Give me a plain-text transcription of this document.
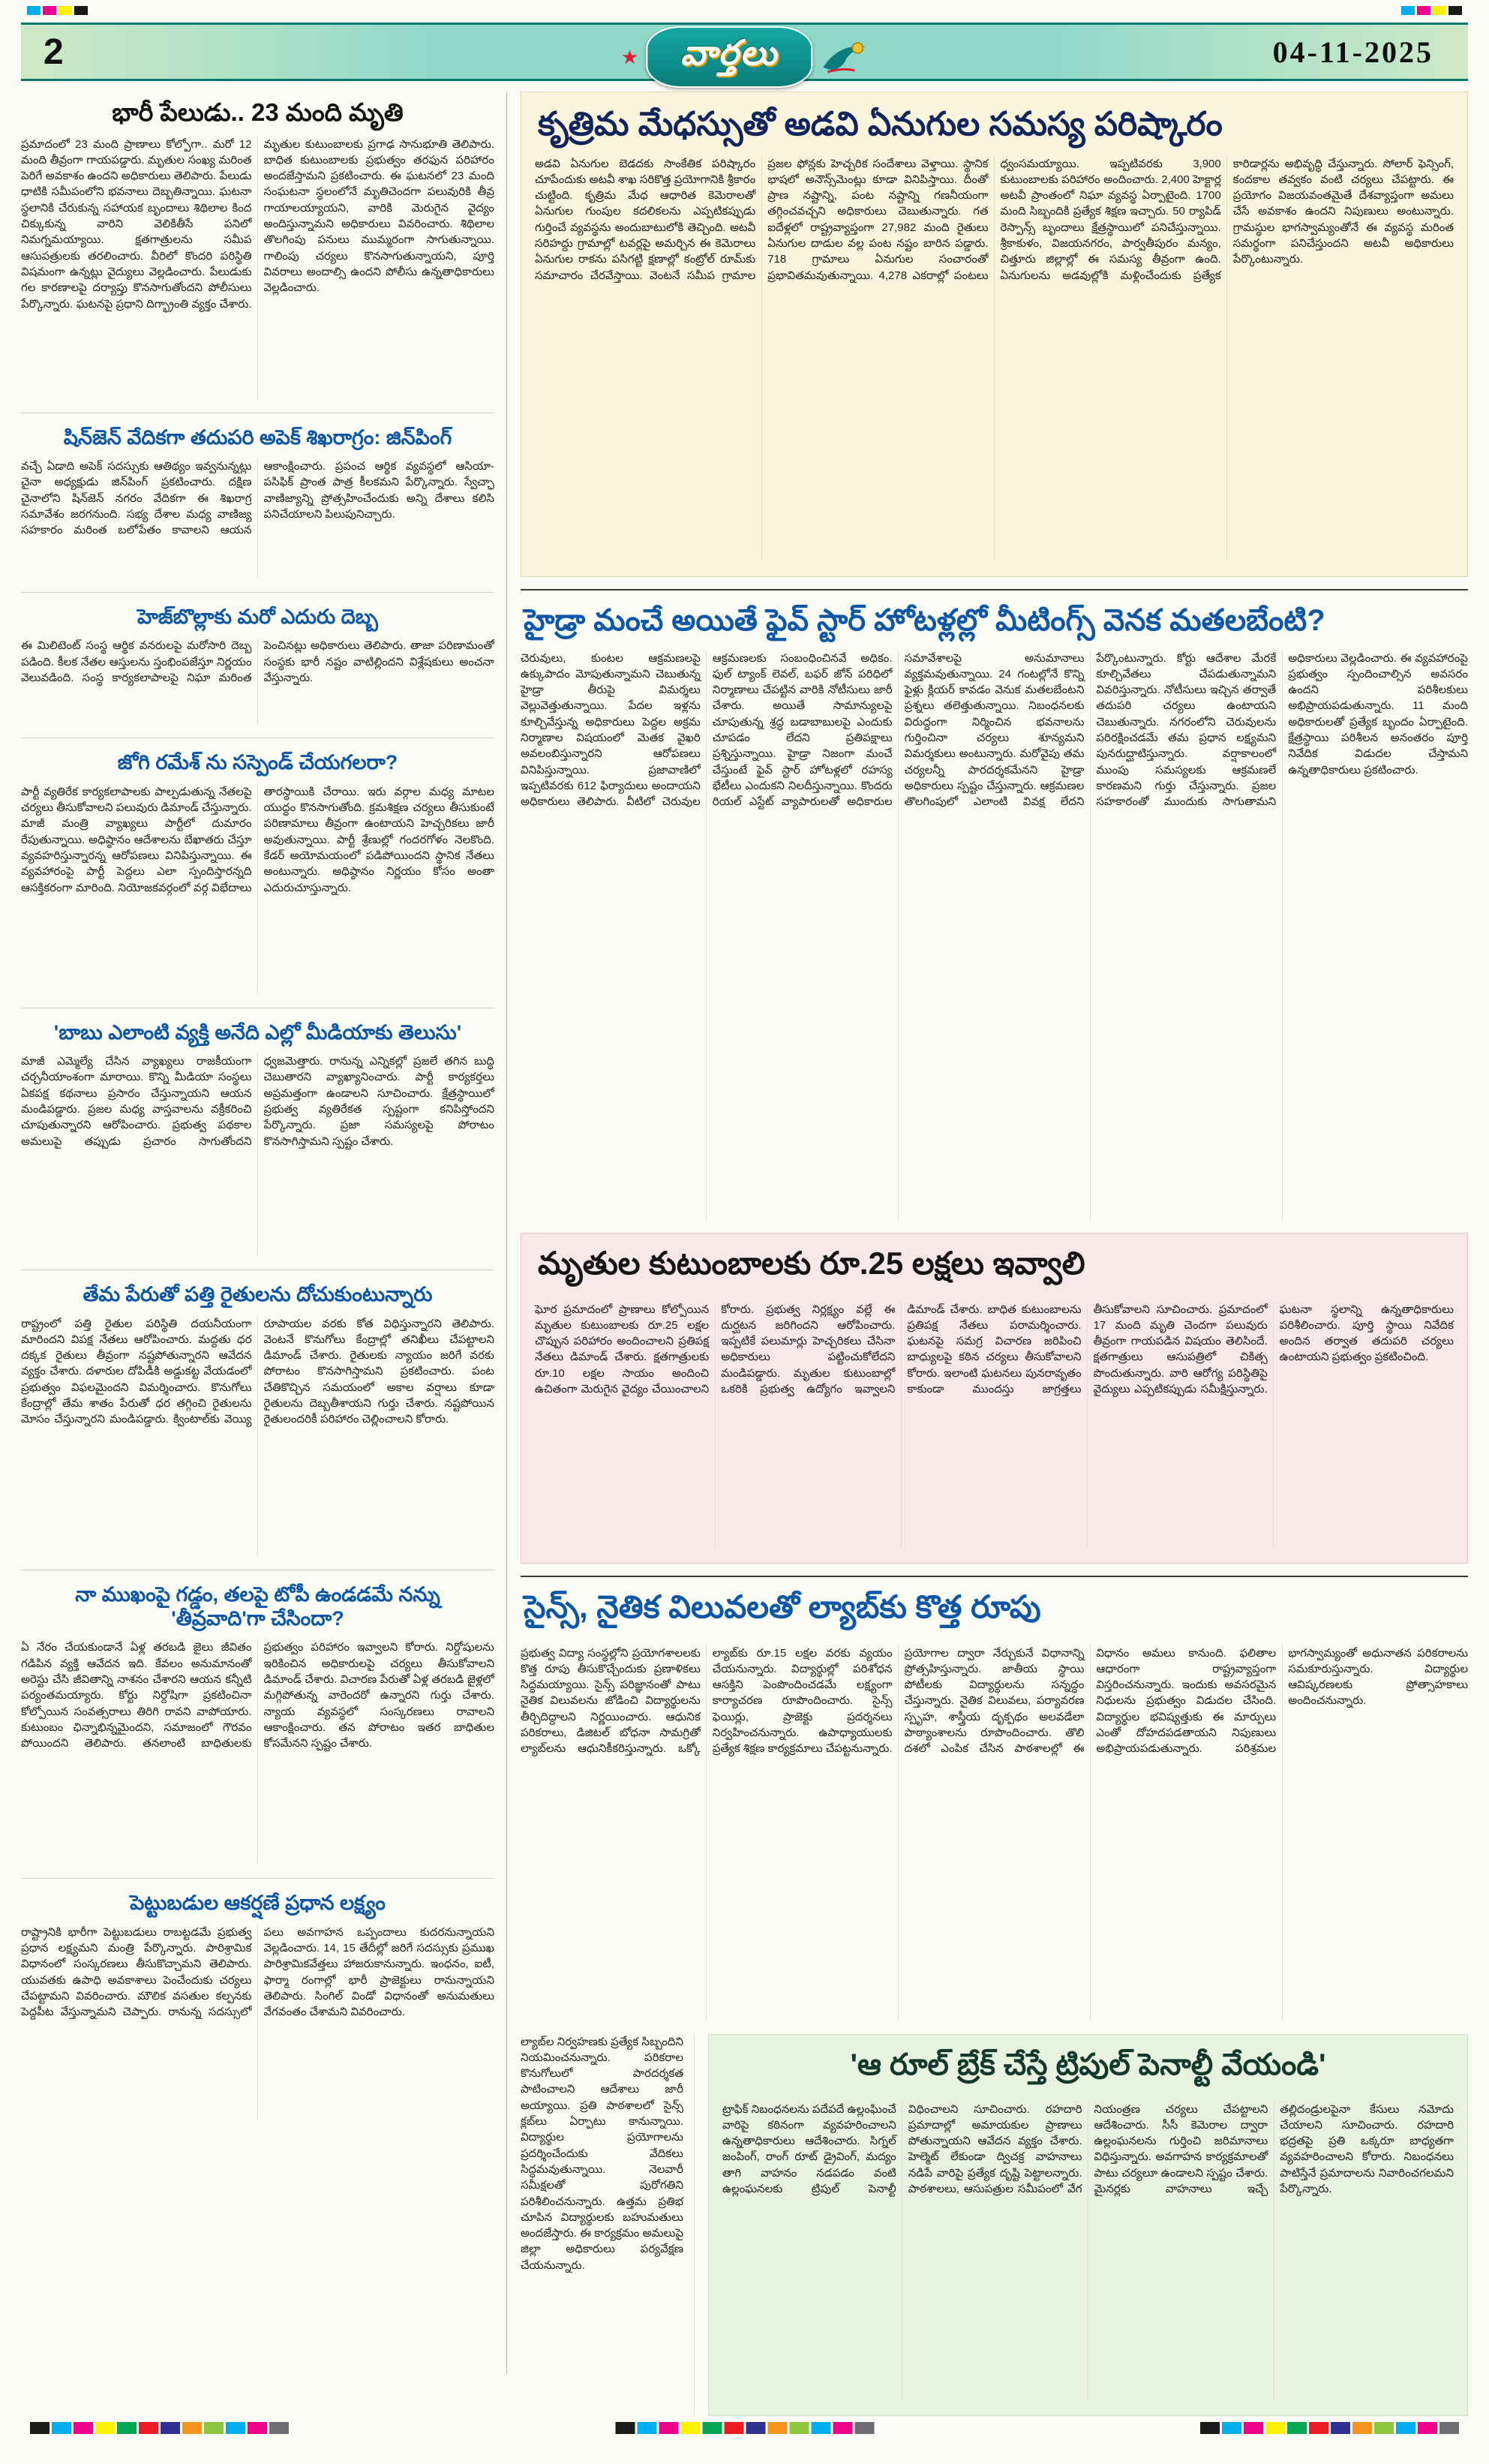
2	★	వార్తలు	04-11-2025
భారీ పేలుడు.. 23 మంది మృతి
ప్రమాదంలో 23 మంది ప్రాణాలు కోల్పోగా.. మరో 12 మంది తీవ్రంగా గాయపడ్డారు. మృతుల సంఖ్య మరింత పెరిగే అవకాశం ఉందని అధికారులు తెలిపారు. పేలుడు ధాటికి సమీపంలోని భవనాలు దెబ్బతిన్నాయి. ఘటనా స్థలానికి చేరుకున్న సహాయక బృందాలు శిథిలాల కింద చిక్కుకున్న వారిని వెలికితీసే పనిలో నిమగ్నమయ్యాయి. క్షతగాత్రులను సమీప ఆసుపత్రులకు తరలించారు. వీరిలో కొందరి పరిస్థితి విషమంగా ఉన్నట్లు వైద్యులు వెల్లడించారు. పేలుడుకు గల కారణాలపై దర్యాప్తు కొనసాగుతోందని పోలీసులు పేర్కొన్నారు. ఘటనపై ప్రధాని దిగ్భ్రాంతి వ్యక్తం చేశారు. మృతుల కుటుంబాలకు ప్రగాఢ సానుభూతి తెలిపారు. బాధిత కుటుంబాలకు ప్రభుత్వం తరఫున పరిహారం అందజేస్తామని ప్రకటించారు. ఈ ఘటనలో 23 మంది సంఘటనా స్థలంలోనే మృతిచెందగా పలువురికి తీవ్ర గాయాలయ్యాయని, వారికి మెరుగైన వైద్యం అందిస్తున్నామని అధికారులు వివరించారు. శిథిలాల తొలగింపు పనులు ముమ్మరంగా సాగుతున్నాయి. గాలింపు చర్యలు కొనసాగుతున్నాయని, పూర్తి వివరాలు అందాల్సి ఉందని పోలీసు ఉన్నతాధికారులు వెల్లడించారు.
షిన్‌జెన్ వేదికగా తదుపరి అపెక్ శిఖరాగ్రం: జిన్‌పింగ్
వచ్చే ఏడాది అపెక్ సదస్సుకు ఆతిథ్యం ఇవ్వనున్నట్లు చైనా అధ్యక్షుడు జిన్‌పింగ్ ప్రకటించారు. దక్షిణ చైనాలోని షిన్‌జెన్ నగరం వేదికగా ఈ శిఖరాగ్ర సమావేశం జరగనుంది. సభ్య దేశాల మధ్య వాణిజ్య సహకారం మరింత బలోపేతం కావాలని ఆయన ఆకాంక్షించారు. ప్రపంచ ఆర్థిక వ్యవస్థలో ఆసియా-పసిఫిక్ ప్రాంత పాత్ర కీలకమని పేర్కొన్నారు. స్వేచ్ఛా వాణిజ్యాన్ని ప్రోత్సహించేందుకు అన్ని దేశాలు కలిసి పనిచేయాలని పిలుపునిచ్చారు.
హెజ్‌బొల్లాకు మరో ఎదురు దెబ్బ
ఈ మిలిటెంట్ సంస్థ ఆర్థిక వనరులపై మరోసారి దెబ్బ పడింది. కీలక నేతల ఆస్తులను స్తంభింపజేస్తూ నిర్ణయం వెలువడింది. సంస్థ కార్యకలాపాలపై నిఘా మరింత పెంచినట్లు అధికారులు తెలిపారు. తాజా పరిణామంతో సంస్థకు భారీ నష్టం వాటిల్లిందని విశ్లేషకులు అంచనా వేస్తున్నారు.
జోగి రమేశ్ ను సస్పెండ్ చేయగలరా?
పార్టీ వ్యతిరేక కార్యకలాపాలకు పాల్పడుతున్న నేతలపై చర్యలు తీసుకోవాలని పలువురు డిమాండ్ చేస్తున్నారు. మాజీ మంత్రి వ్యాఖ్యలు పార్టీలో దుమారం రేపుతున్నాయి. అధిష్ఠానం ఆదేశాలను బేఖాతరు చేస్తూ వ్యవహరిస్తున్నారన్న ఆరోపణలు వినిపిస్తున్నాయి. ఈ వ్యవహారంపై పార్టీ పెద్దలు ఎలా స్పందిస్తారన్నది ఆసక్తికరంగా మారింది. నియోజకవర్గంలో వర్గ విభేదాలు తారస్థాయికి చేరాయి. ఇరు వర్గాల మధ్య మాటల యుద్ధం కొనసాగుతోంది. క్రమశిక్షణ చర్యలు తీసుకుంటే పరిణామాలు తీవ్రంగా ఉంటాయని హెచ్చరికలు జారీ అవుతున్నాయి. పార్టీ శ్రేణుల్లో గందరగోళం నెలకొంది. కేడర్ అయోమయంలో పడిపోయిందని స్థానిక నేతలు అంటున్నారు. అధిష్ఠానం నిర్ణయం కోసం అంతా ఎదురుచూస్తున్నారు.
'బాబు ఎలాంటి వ్యక్తి అనేది ఎల్లో మీడియాకు తెలుసు'
మాజీ ఎమ్మెల్యే చేసిన వ్యాఖ్యలు రాజకీయంగా చర్చనీయాంశంగా మారాయి. కొన్ని మీడియా సంస్థలు ఏకపక్ష కథనాలు ప్రసారం చేస్తున్నాయని ఆయన మండిపడ్డారు. ప్రజల మధ్య వాస్తవాలను వక్రీకరించి చూపుతున్నారని ఆరోపించారు. ప్రభుత్వ పథకాల అమలుపై తప్పుడు ప్రచారం సాగుతోందని ధ్వజమెత్తారు. రానున్న ఎన్నికల్లో ప్రజలే తగిన బుద్ధి చెబుతారని వ్యాఖ్యానించారు. పార్టీ కార్యకర్తలు అప్రమత్తంగా ఉండాలని సూచించారు. క్షేత్రస్థాయిలో ప్రభుత్వ వ్యతిరేకత స్పష్టంగా కనిపిస్తోందని పేర్కొన్నారు. ప్రజా సమస్యలపై పోరాటం కొనసాగిస్తామని స్పష్టం చేశారు.
తేమ పేరుతో పత్తి రైతులను దోచుకుంటున్నారు
రాష్ట్రంలో పత్తి రైతుల పరిస్థితి దయనీయంగా మారిందని విపక్ష నేతలు ఆరోపించారు. మద్దతు ధర దక్కక రైతులు తీవ్రంగా నష్టపోతున్నారని ఆవేదన వ్యక్తం చేశారు. దళారుల దోపిడీకి అడ్డుకట్ట వేయడంలో ప్రభుత్వం విఫలమైందని విమర్శించారు. కొనుగోలు కేంద్రాల్లో తేమ శాతం పేరుతో ధర తగ్గించి రైతులను మోసం చేస్తున్నారని మండిపడ్డారు. క్వింటాల్‌కు వెయ్యి రూపాయల వరకు కోత విధిస్తున్నారని తెలిపారు. వెంటనే కొనుగోలు కేంద్రాల్లో తనిఖీలు చేపట్టాలని డిమాండ్ చేశారు. రైతులకు న్యాయం జరిగే వరకు పోరాటం కొనసాగిస్తామని ప్రకటించారు. పంట చేతికొచ్చిన సమయంలో అకాల వర్షాలు కూడా రైతులను దెబ్బతీశాయని గుర్తు చేశారు. నష్టపోయిన రైతులందరికీ పరిహారం చెల్లించాలని కోరారు.
నా ముఖంపై గడ్డం, తలపై టోపీ ఉండడమే నన్ను 'తీవ్రవాది'గా చేసిందా?
ఏ నేరం చేయకుండానే ఏళ్ల తరబడి జైలు జీవితం గడిపిన వ్యక్తి ఆవేదన ఇది. కేవలం అనుమానంతో అరెస్టు చేసి జీవితాన్ని నాశనం చేశారని ఆయన కన్నీటి పర్యంతమయ్యారు. కోర్టు నిర్దోషిగా ప్రకటించినా కోల్పోయిన సంవత్సరాలు తిరిగి రావని వాపోయారు. కుటుంబం ఛిన్నాభిన్నమైందని, సమాజంలో గౌరవం పోయిందని తెలిపారు. తనలాంటి బాధితులకు ప్రభుత్వం పరిహారం ఇవ్వాలని కోరారు. నిర్దోషులను ఇరికించిన అధికారులపై చర్యలు తీసుకోవాలని డిమాండ్ చేశారు. విచారణ పేరుతో ఏళ్ల తరబడి జైళ్లలో మగ్గిపోతున్న వారెందరో ఉన్నారని గుర్తు చేశారు. న్యాయ వ్యవస్థలో సంస్కరణలు రావాలని ఆకాంక్షించారు. తన పోరాటం ఇతర బాధితుల కోసమేనని స్పష్టం చేశారు.
పెట్టుబడుల ఆకర్షణే ప్రధాన లక్ష్యం
రాష్ట్రానికి భారీగా పెట్టుబడులు రాబట్టడమే ప్రభుత్వ ప్రధాన లక్ష్యమని మంత్రి పేర్కొన్నారు. పారిశ్రామిక విధానంలో సంస్కరణలు తీసుకొచ్చామని తెలిపారు. యువతకు ఉపాధి అవకాశాలు పెంచేందుకు చర్యలు చేపట్టామని వివరించారు. మౌలిక వసతుల కల్పనకు పెద్దపీట వేస్తున్నామని చెప్పారు. రానున్న సదస్సులో పలు అవగాహన ఒప్పందాలు కుదరనున్నాయని వెల్లడించారు. 14, 15 తేదీల్లో జరిగే సదస్సుకు ప్రముఖ పారిశ్రామికవేత్తలు హాజరుకానున్నారు. ఇంధనం, ఐటీ, ఫార్మా రంగాల్లో భారీ ప్రాజెక్టులు రానున్నాయని తెలిపారు. సింగిల్ విండో విధానంతో అనుమతులు వేగవంతం చేశామని వివరించారు.
కృత్రిమ మేధస్సుతో అడవి ఏనుగుల సమస్య పరిష్కారం
అడవి ఏనుగుల బెడదకు సాంకేతిక పరిష్కారం చూపేందుకు అటవీ శాఖ సరికొత్త ప్రయోగానికి శ్రీకారం చుట్టింది. కృత్రిమ మేధ ఆధారిత కెమెరాలతో ఏనుగుల గుంపుల కదలికలను ఎప్పటికప్పుడు గుర్తించే వ్యవస్థను అందుబాటులోకి తెచ్చింది. అటవీ సరిహద్దు గ్రామాల్లో టవర్లపై అమర్చిన ఈ కెమెరాలు ఏనుగుల రాకను పసిగట్టి క్షణాల్లో కంట్రోల్ రూమ్‌కు సమాచారం చేరవేస్తాయి. వెంటనే సమీప గ్రామాల ప్రజల ఫోన్లకు హెచ్చరిక సందేశాలు వెళ్తాయి. స్థానిక భాషలో అనౌన్స్‌మెంట్లు కూడా వినిపిస్తాయి. దీంతో ప్రాణ నష్టాన్ని, పంట నష్టాన్ని గణనీయంగా తగ్గించవచ్చని అధికారులు చెబుతున్నారు. గత ఐదేళ్లలో రాష్ట్రవ్యాప్తంగా 27,982 మంది రైతులు ఏనుగుల దాడుల వల్ల పంట నష్టం బారిన పడ్డారు. 718 గ్రామాలు ఏనుగుల సంచారంతో ప్రభావితమవుతున్నాయి. 4,278 ఎకరాల్లో పంటలు ధ్వంసమయ్యాయి. ఇప్పటివరకు 3,900 కుటుంబాలకు పరిహారం అందించారు. 2,400 హెక్టార్ల అటవీ ప్రాంతంలో నిఘా వ్యవస్థ ఏర్పాటైంది. 1700 మంది సిబ్బందికి ప్రత్యేక శిక్షణ ఇచ్చారు. 50 ర్యాపిడ్ రెస్పాన్స్ బృందాలు క్షేత్రస్థాయిలో పనిచేస్తున్నాయి. శ్రీకాకుళం, విజయనగరం, పార్వతీపురం మన్యం, చిత్తూరు జిల్లాల్లో ఈ సమస్య తీవ్రంగా ఉంది. ఏనుగులను అడవుల్లోకి మళ్లించేందుకు ప్రత్యేక కారిడార్లను అభివృద్ధి చేస్తున్నారు. సోలార్ ఫెన్సింగ్, కందకాల తవ్వకం వంటి చర్యలు చేపట్టారు. ఈ ప్రయోగం విజయవంతమైతే దేశవ్యాప్తంగా అమలు చేసే అవకాశం ఉందని నిపుణులు అంటున్నారు. గ్రామస్థుల భాగస్వామ్యంతోనే ఈ వ్యవస్థ మరింత సమర్థంగా పనిచేస్తుందని అటవీ అధికారులు పేర్కొంటున్నారు.
హైడ్రా మంచే అయితే ఫైవ్ స్టార్ హోటళ్లల్లో మీటింగ్స్ వెనక మతలబేంటి?
చెరువులు, కుంటల ఆక్రమణలపై ఉక్కుపాదం మోపుతున్నామని చెబుతున్న హైడ్రా తీరుపై విమర్శలు వెల్లువెత్తుతున్నాయి. పేదల ఇళ్లను కూల్చివేస్తున్న అధికారులు పెద్దల అక్రమ నిర్మాణాల విషయంలో మెతక వైఖరి అవలంబిస్తున్నారని ఆరోపణలు వినిపిస్తున్నాయి. ప్రజావాణిలో ఇప్పటివరకు 612 ఫిర్యాదులు అందాయని అధికారులు తెలిపారు. వీటిలో చెరువుల ఆక్రమణలకు సంబంధించినవే అధికం. ఫుల్ ట్యాంక్ లెవల్, బఫర్ జోన్ పరిధిలో నిర్మాణాలు చేపట్టిన వారికి నోటీసులు జారీ చేశారు. అయితే సామాన్యులపై చూపుతున్న శ్రద్ధ బడాబాబులపై ఎందుకు చూపడం లేదని ప్రతిపక్షాలు ప్రశ్నిస్తున్నాయి. హైడ్రా నిజంగా మంచే చేస్తుంటే ఫైవ్ స్టార్ హోటళ్లలో రహస్య భేటీలు ఎందుకని నిలదీస్తున్నాయి. కొందరు రియల్ ఎస్టేట్ వ్యాపారులతో అధికారుల సమావేశాలపై అనుమానాలు వ్యక్తమవుతున్నాయి. 24 గంటల్లోనే కొన్ని ఫైళ్లు క్లియర్ కావడం వెనుక మతలబేంటని ప్రశ్నలు తలెత్తుతున్నాయి. నిబంధనలకు విరుద్ధంగా నిర్మించిన భవనాలను గుర్తించినా చర్యలు శూన్యమని విమర్శకులు అంటున్నారు. మరోవైపు తమ చర్యలన్నీ పారదర్శకమేనని హైడ్రా అధికారులు స్పష్టం చేస్తున్నారు. ఆక్రమణల తొలగింపులో ఎలాంటి వివక్ష లేదని పేర్కొంటున్నారు. కోర్టు ఆదేశాల మేరకే కూల్చివేతలు చేపడుతున్నామని వివరిస్తున్నారు. నోటీసులు ఇచ్చిన తర్వాతే తదుపరి చర్యలు ఉంటాయని చెబుతున్నారు. నగరంలోని చెరువులను పరిరక్షించడమే తమ ప్రధాన లక్ష్యమని పునరుద్ఘాటిస్తున్నారు. వర్షాకాలంలో ముంపు సమస్యలకు ఆక్రమణలే కారణమని గుర్తు చేస్తున్నారు. ప్రజల సహకారంతో ముందుకు సాగుతామని అధికారులు వెల్లడించారు. ఈ వ్యవహారంపై ప్రభుత్వం స్పందించాల్సిన అవసరం ఉందని పరిశీలకులు అభిప్రాయపడుతున్నారు. 11 మంది అధికారులతో ప్రత్యేక బృందం ఏర్పాటైంది. క్షేత్రస్థాయి పరిశీలన అనంతరం పూర్తి నివేదిక విడుదల చేస్తామని ఉన్నతాధికారులు ప్రకటించారు.
మృతుల కుటుంబాలకు రూ.25 లక్షలు ఇవ్వాలి
ఘోర ప్రమాదంలో ప్రాణాలు కోల్పోయిన మృతుల కుటుంబాలకు రూ.25 లక్షల చొప్పున పరిహారం అందించాలని ప్రతిపక్ష నేతలు డిమాండ్ చేశారు. క్షతగాత్రులకు రూ.10 లక్షల సాయం అందించి ఉచితంగా మెరుగైన వైద్యం చేయించాలని కోరారు. ప్రభుత్వ నిర్లక్ష్యం వల్లే ఈ దుర్ఘటన జరిగిందని ఆరోపించారు. ఇప్పటికే పలుమార్లు హెచ్చరికలు చేసినా అధికారులు పట్టించుకోలేదని మండిపడ్డారు. మృతుల కుటుంబాల్లో ఒకరికి ప్రభుత్వ ఉద్యోగం ఇవ్వాలని డిమాండ్ చేశారు. బాధిత కుటుంబాలను ప్రతిపక్ష నేతలు పరామర్శించారు. ఘటనపై సమగ్ర విచారణ జరిపించి బాధ్యులపై కఠిన చర్యలు తీసుకోవాలని కోరారు. ఇలాంటి ఘటనలు పునరావృతం కాకుండా ముందస్తు జాగ్రత్తలు తీసుకోవాలని సూచించారు. ప్రమాదంలో 17 మంది మృతి చెందగా పలువురు తీవ్రంగా గాయపడిన విషయం తెలిసిందే. క్షతగాత్రులు ఆసుపత్రిలో చికిత్స పొందుతున్నారు. వారి ఆరోగ్య పరిస్థితిపై వైద్యులు ఎప్పటికప్పుడు సమీక్షిస్తున్నారు. ఘటనా స్థలాన్ని ఉన్నతాధికారులు పరిశీలించారు. పూర్తి స్థాయి నివేదిక అందిన తర్వాత తదుపరి చర్యలు ఉంటాయని ప్రభుత్వం ప్రకటించింది.
సైన్స్, నైతిక విలువలతో ల్యాబ్‌కు కొత్త రూపు
ప్రభుత్వ విద్యా సంస్థల్లోని ప్రయోగశాలలకు కొత్త రూపు తీసుకొచ్చేందుకు ప్రణాళికలు సిద్ధమయ్యాయి. సైన్స్ పరిజ్ఞానంతో పాటు నైతిక విలువలను జోడించి విద్యార్థులను తీర్చిదిద్దాలని నిర్ణయించారు. ఆధునిక పరికరాలు, డిజిటల్ బోధనా సామగ్రితో ల్యాబ్‌లను ఆధునికీకరిస్తున్నారు. ఒక్కో ల్యాబ్‌కు రూ.15 లక్షల వరకు వ్యయం చేయనున్నారు. విద్యార్థుల్లో పరిశోధన ఆసక్తిని పెంపొందించడమే లక్ష్యంగా కార్యాచరణ రూపొందించారు. సైన్స్ ఫెయిర్లు, ప్రాజెక్టు ప్రదర్శనలు నిర్వహించనున్నారు. ఉపాధ్యాయులకు ప్రత్యేక శిక్షణ కార్యక్రమాలు చేపట్టనున్నారు. ప్రయోగాల ద్వారా నేర్చుకునే విధానాన్ని ప్రోత్సహిస్తున్నారు. జాతీయ స్థాయి పోటీలకు విద్యార్థులను సన్నద్ధం చేస్తున్నారు. నైతిక విలువలు, పర్యావరణ స్పృహ, శాస్త్రీయ దృక్పథం అలవడేలా పాఠ్యాంశాలను రూపొందించారు. తొలి దశలో ఎంపిక చేసిన పాఠశాలల్లో ఈ విధానం అమలు కానుంది. ఫలితాల ఆధారంగా రాష్ట్రవ్యాప్తంగా విస్తరించనున్నారు. ఇందుకు అవసరమైన నిధులను ప్రభుత్వం విడుదల చేసింది. విద్యార్థుల భవిష్యత్తుకు ఈ మార్పులు ఎంతో దోహదపడతాయని నిపుణులు అభిప్రాయపడుతున్నారు. పరిశ్రమల భాగస్వామ్యంతో అధునాతన పరికరాలను సమకూరుస్తున్నారు. విద్యార్థుల ఆవిష్కరణలకు ప్రోత్సాహకాలు అందించనున్నారు.
ల్యాబ్‌ల నిర్వహణకు ప్రత్యేక సిబ్బందిని నియమించనున్నారు. పరికరాల కొనుగోలులో పారదర్శకత పాటించాలని ఆదేశాలు జారీ అయ్యాయి. ప్రతి పాఠశాలలో సైన్స్ క్లబ్‌లు ఏర్పాటు కానున్నాయి. విద్యార్థుల ప్రయోగాలను ప్రదర్శించేందుకు వేదికలు సిద్ధమవుతున్నాయి. నెలవారీ సమీక్షలతో పురోగతిని పరిశీలించనున్నారు. ఉత్తమ ప్రతిభ చూపిన విద్యార్థులకు బహుమతులు అందజేస్తారు. ఈ కార్యక్రమం అమలుపై జిల్లా అధికారులు పర్యవేక్షణ చేయనున్నారు.
'ఆ రూల్ బ్రేక్ చేస్తే ట్రిపుల్ పెనాల్టీ వేయండి'
ట్రాఫిక్ నిబంధనలను పదేపదే ఉల్లంఘించే వారిపై కఠినంగా వ్యవహరించాలని ఉన్నతాధికారులు ఆదేశించారు. సిగ్నల్ జంపింగ్, రాంగ్ రూట్ డ్రైవింగ్, మద్యం తాగి వాహనం నడపడం వంటి ఉల్లంఘనలకు ట్రిపుల్ పెనాల్టీ విధించాలని సూచించారు. రహదారి ప్రమాదాల్లో అమాయకుల ప్రాణాలు పోతున్నాయని ఆవేదన వ్యక్తం చేశారు. హెల్మెట్ లేకుండా ద్విచక్ర వాహనాలు నడిపే వారిపై ప్రత్యేక దృష్టి పెట్టాలన్నారు. పాఠశాలలు, ఆసుపత్రుల సమీపంలో వేగ నియంత్రణ చర్యలు చేపట్టాలని ఆదేశించారు. సీసీ కెమెరాల ద్వారా ఉల్లంఘనలను గుర్తించి జరిమానాలు విధిస్తున్నారు. అవగాహన కార్యక్రమాలతో పాటు చర్యలూ ఉండాలని స్పష్టం చేశారు. మైనర్లకు వాహనాలు ఇచ్చే తల్లిదండ్రులపైనా కేసులు నమోదు చేయాలని సూచించారు. రహదారి భద్రతపై ప్రతి ఒక్కరూ బాధ్యతగా వ్యవహరించాలని కోరారు. నిబంధనలు పాటిస్తేనే ప్రమాదాలను నివారించగలమని పేర్కొన్నారు.
